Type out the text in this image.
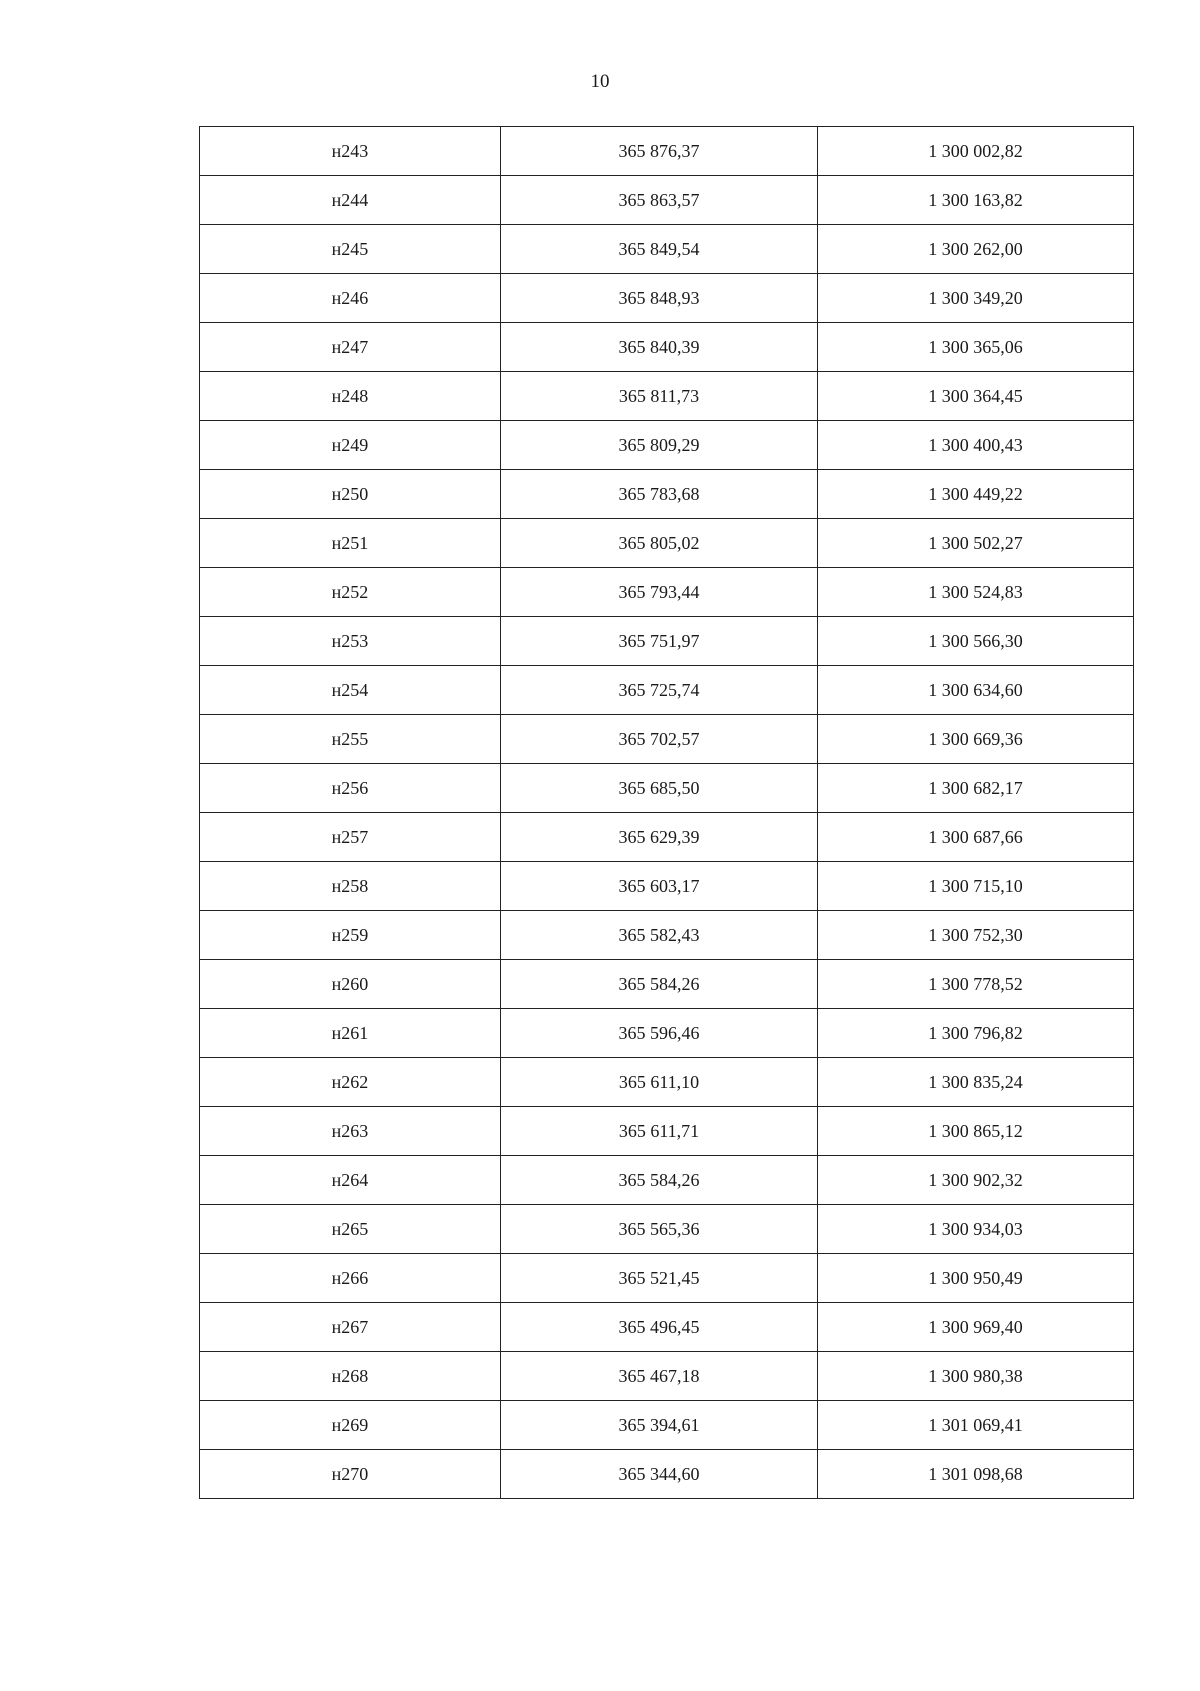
10
н243	365 876,37	1 300 002,82
н244	365 863,57	1 300 163,82
н245	365 849,54	1 300 262,00
н246	365 848,93	1 300 349,20
н247	365 840,39	1 300 365,06
н248	365 811,73	1 300 364,45
н249	365 809,29	1 300 400,43
н250	365 783,68	1 300 449,22
н251	365 805,02	1 300 502,27
н252	365 793,44	1 300 524,83
н253	365 751,97	1 300 566,30
н254	365 725,74	1 300 634,60
н255	365 702,57	1 300 669,36
н256	365 685,50	1 300 682,17
н257	365 629,39	1 300 687,66
н258	365 603,17	1 300 715,10
н259	365 582,43	1 300 752,30
н260	365 584,26	1 300 778,52
н261	365 596,46	1 300 796,82
н262	365 611,10	1 300 835,24
н263	365 611,71	1 300 865,12
н264	365 584,26	1 300 902,32
н265	365 565,36	1 300 934,03
н266	365 521,45	1 300 950,49
н267	365 496,45	1 300 969,40
н268	365 467,18	1 300 980,38
н269	365 394,61	1 301 069,41
н270	365 344,60	1 301 098,68
